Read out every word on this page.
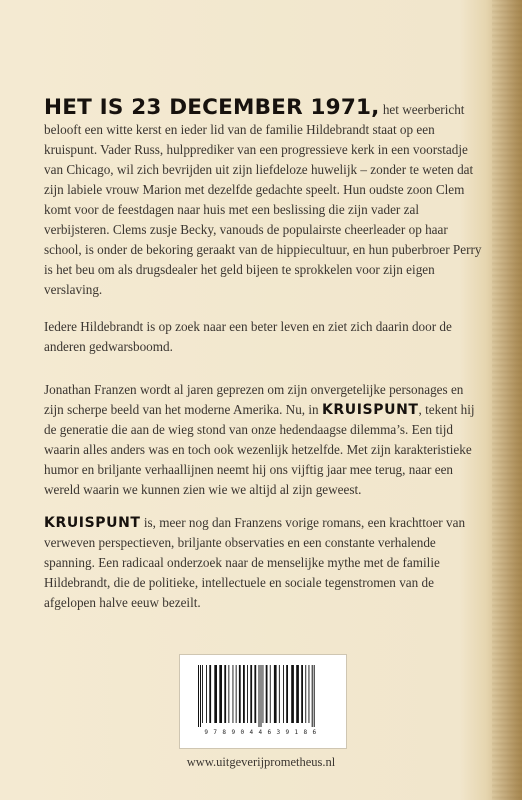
HET IS 23 DECEMBER 1971, het weerbericht belooft een witte kerst en ieder lid van de familie Hildebrandt staat op een kruispunt. Vader Russ, hulpprediker van een progressieve kerk in een voorstadje van Chicago, wil zich bevrijden uit zijn liefdeloze huwelijk – zonder te weten dat zijn labiele vrouw Marion met dezelfde gedachte speelt. Hun oudste zoon Clem komt voor de feestdagen naar huis met een beslissing die zijn vader zal verbijsteren. Clems zusje Becky, vanouds de populairste cheerleader op haar school, is onder de bekoring geraakt van de hippiecultuur, en hun puberbroer Perry is het beu om als drugsdealer het geld bijeen te sprokkelen voor zijn eigen verslaving.

Iedere Hildebrandt is op zoek naar een beter leven en ziet zich daarin door de anderen gedwarsboomd.

Jonathan Franzen wordt al jaren geprezen om zijn onvergetelijke personages en zijn scherpe beeld van het moderne Amerika. Nu, in KRUISPUNT, tekent hij de generatie die aan de wieg stond van onze hedendaagse dilemma’s. Een tijd waarin alles anders was en toch ook wezenlijk hetzelfde. Met zijn karakteristieke humor en briljante verhaallijnen neemt hij ons vijftig jaar mee terug, naar een wereld waarin we kunnen zien wie we altijd al zijn geweest.

KRUISPUNT is, meer nog dan Franzens vorige romans, een krachttoer van verweven perspectieven, briljante observaties en een constante verhalende spanning. Een radicaal onderzoek naar de menselijke mythe met de familie Hildebrandt, die de politieke, intellectuele en sociale tegenstromen van de afgelopen halve eeuw bezeilt.

9789044639186
www.uitgeverijprometheus.nl
